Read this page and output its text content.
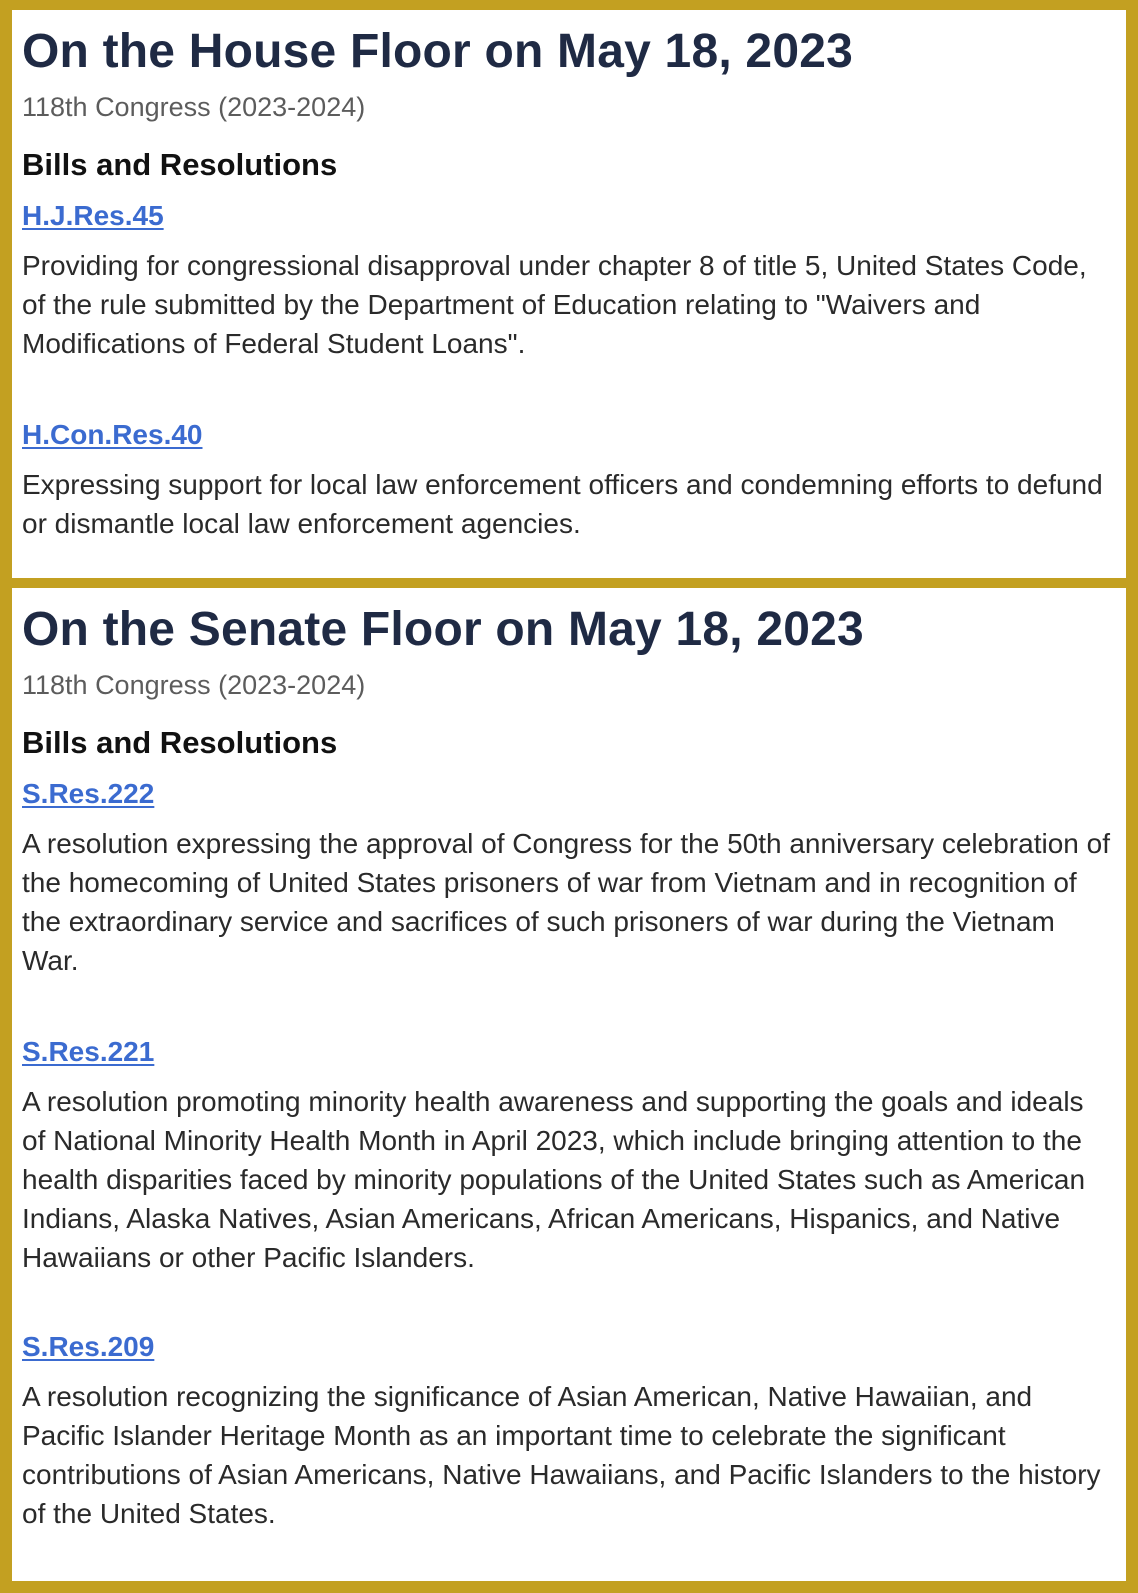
On the House Floor on May 18, 2023

118th Congress (2023-2024)

Bills and Resolutions
H.J.Res.45

Providing for congressional disapproval under chapter 8 of title 5, United States Code, of the rule submitted by the Department of Education relating to "Waivers and Modifications of Federal Student Loans".

H.Con.Res.40

Expressing support for local law enforcement officers and condemning efforts to defund or dismantle local law enforcement agencies.

On the Senate Floor on May 18, 2023

118th Congress (2023-2024)

Bills and Resolutions
S.Res.222

A resolution expressing the approval of Congress for the 50th anniversary celebration of the homecoming of United States prisoners of war from Vietnam and in recognition of the extraordinary service and sacrifices of such prisoners of war during the Vietnam War.

S.Res.221

A resolution promoting minority health awareness and supporting the goals and ideals of National Minority Health Month in April 2023, which include bringing attention to the health disparities faced by minority populations of the United States such as American Indians, Alaska Natives, Asian Americans, African Americans, Hispanics, and Native Hawaiians or other Pacific Islanders.

S.Res.209

A resolution recognizing the significance of Asian American, Native Hawaiian, and Pacific Islander Heritage Month as an important time to celebrate the significant contributions of Asian Americans, Native Hawaiians, and Pacific Islanders to the history of the United States.
